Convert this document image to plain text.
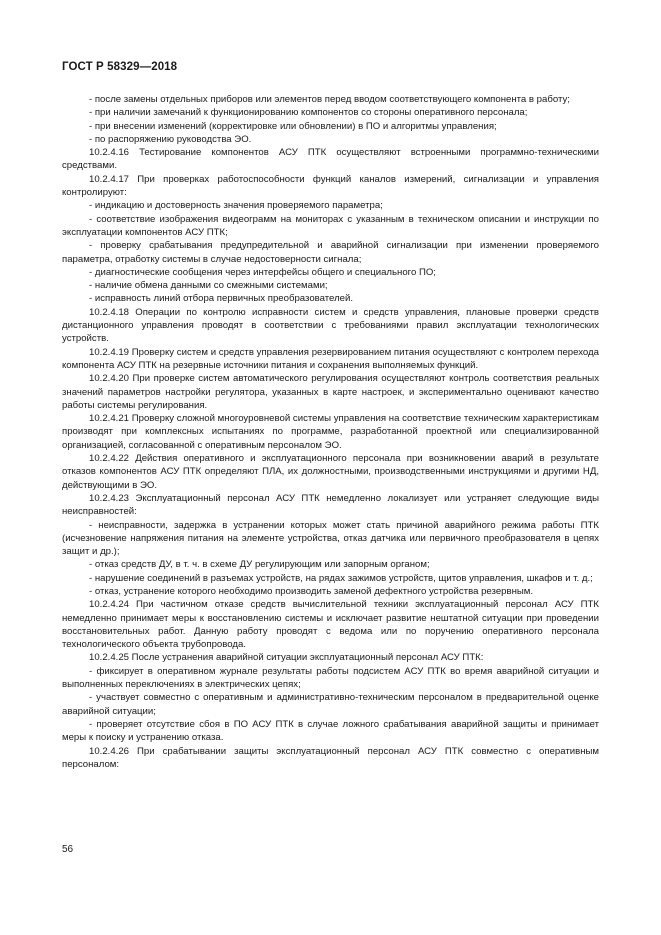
ГОСТ Р 58329—2018

- после замены отдельных приборов или элементов перед вводом соответствующего компонента в работу;

- при наличии замечаний к функционированию компонентов со стороны оперативного персонала;

- при внесении изменений (корректировке или обновлении) в ПО и алгоритмы управления;

- по распоряжению руководства ЭО.

10.2.4.16 Тестирование компонентов АСУ ПТК осуществляют встроенными программно-техническими средствами.

10.2.4.17 При проверках работоспособности функций каналов измерений, сигнализации и управления контролируют:

- индикацию и достоверность значения проверяемого параметра;

- соответствие изображения видеограмм на мониторах с указанным в техническом описании и инструкции по эксплуатации компонентов АСУ ПТК;

- проверку срабатывания предупредительной и аварийной сигнализации при изменении проверяемого параметра, отработку системы в случае недостоверности сигнала;

- диагностические сообщения через интерфейсы общего и специального ПО;

- наличие обмена данными со смежными системами;

- исправность линий отбора первичных преобразователей.

10.2.4.18 Операции по контролю исправности систем и средств управления, плановые проверки средств дистанционного управления проводят в соответствии с требованиями правил эксплуатации технологических устройств.

10.2.4.19 Проверку систем и средств управления резервированием питания осуществляют с контролем перехода компонента АСУ ПТК на резервные источники питания и сохранения выполняемых функций.

10.2.4.20 При проверке систем автоматического регулирования осуществляют контроль соответствия реальных значений параметров настройки регулятора, указанных в карте настроек, и экспериментально оценивают качество работы системы регулирования.

10.2.4.21 Проверку сложной многоуровневой системы управления на соответствие техническим характеристикам производят при комплексных испытаниях по программе, разработанной проектной или специализированной организацией, согласованной с оперативным персоналом ЭО.

10.2.4.22 Действия оперативного и эксплуатационного персонала при возникновении аварий в результате отказов компонентов АСУ ПТК определяют ПЛА, их должностными, производственными инструкциями и другими НД, действующими в ЭО.

10.2.4.23 Эксплуатационный персонал АСУ ПТК немедленно локализует или устраняет следующие виды неисправностей:

- неисправности, задержка в устранении которых может стать причиной аварийного режима работы ПТК (исчезновение напряжения питания на элементе устройства, отказ датчика или первичного преобразователя в цепях защит и др.);

- отказ средств ДУ, в т. ч. в схеме ДУ регулирующим или запорным органом;

- нарушение соединений в разъемах устройств, на рядах зажимов устройств, щитов управления, шкафов и т. д.;

- отказ, устранение которого необходимо производить заменой дефектного устройства резервным.

10.2.4.24 При частичном отказе средств вычислительной техники эксплуатационный персонал АСУ ПТК немедленно принимает меры к восстановлению системы и исключает развитие нештатной ситуации при проведении восстановительных работ. Данную работу проводят с ведома или по поручению оперативного персонала технологического объекта трубопровода.

10.2.4.25 После устранения аварийной ситуации эксплуатационный персонал АСУ ПТК:

- фиксирует в оперативном журнале результаты работы подсистем АСУ ПТК во время аварийной ситуации и выполненных переключениях в электрических цепях;

- участвует совместно с оперативным и административно-техническим персоналом в предварительной оценке аварийной ситуации;

- проверяет отсутствие сбоя в ПО АСУ ПТК в случае ложного срабатывания аварийной защиты и принимает меры к поиску и устранению отказа.

10.2.4.26 При срабатывании защиты эксплуатационный персонал АСУ ПТК совместно с оперативным персоналом:

56
